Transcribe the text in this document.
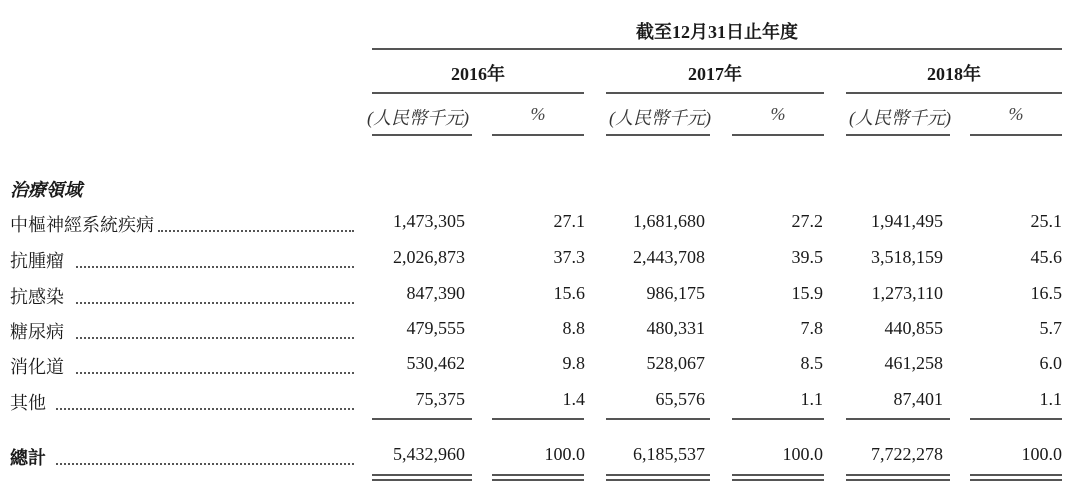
截至12月31日止年度
2016年	2017年	2018年
(人民幣千元)	%	(人民幣千元)	%	(人民幣千元)	%
治療領域
中樞神經系統疾病	1,473,305	27.1	1,681,680	27.2	1,941,495	25.1
抗腫瘤	2,026,873	37.3	2,443,708	39.5	3,518,159	45.6
抗感染	847,390	15.6	986,175	15.9	1,273,110	16.5
糖尿病	479,555	8.8	480,331	7.8	440,855	5.7
消化道	530,462	9.8	528,067	8.5	461,258	6.0
其他	75,375	1.4	65,576	1.1	87,401	1.1
總計	5,432,960	100.0	6,185,537	100.0	7,722,278	100.0
